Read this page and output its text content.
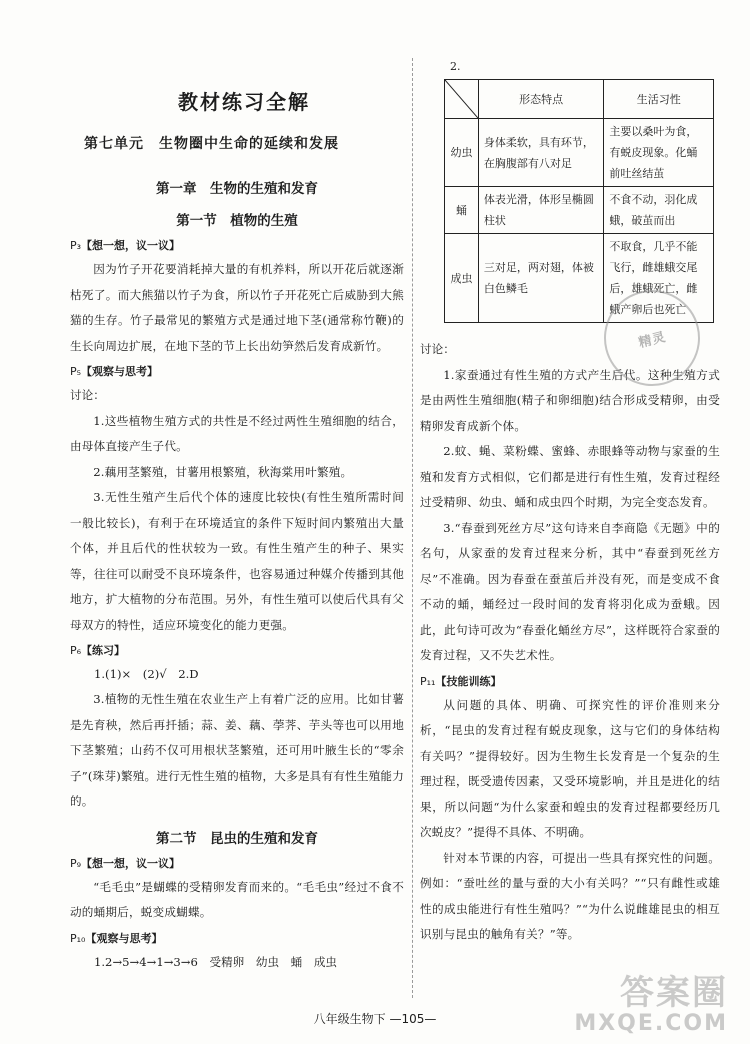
教材练习全解
第七单元　生物圈中生命的延续和发展
第一章　生物的生殖和发育
第一节　植物的生殖
P₃【想一想，议一议】

因为竹子开花要消耗掉大量的有机养料，所以开花后就逐渐枯死了。而大熊猫以竹子为食，所以竹子开花死亡后威胁到大熊猫的生存。竹子最常见的繁殖方式是通过地下茎(通常称竹鞭)的生长向周边扩展，在地下茎的节上长出幼笋然后发育成新竹。

P₅【观察与思考】

讨论：

1.这些植物生殖方式的共性是不经过两性生殖细胞的结合，由母体直接产生子代。

2.藕用茎繁殖，甘薯用根繁殖，秋海棠用叶繁殖。

3.无性生殖产生后代个体的速度比较快(有性生殖所需时间一般比较长)，有利于在环境适宜的条件下短时间内繁殖出大量个体，并且后代的性状较为一致。有性生殖产生的种子、果实等，往往可以耐受不良环境条件，也容易通过种媒介传播到其他地方，扩大植物的分布范围。另外，有性生殖可以使后代具有父母双方的特性，适应环境变化的能力更强。

P₆【练习】
1.(1)×　(2)√　2.D

3.植物的无性生殖在农业生产上有着广泛的应用。比如甘薯是先育秧，然后再扦插；蒜、姜、藕、荸荠、芋头等也可以用地下茎繁殖；山药不仅可用根状茎繁殖，还可用叶腋生长的“零余子”(珠芽)繁殖。进行无性生殖的植物，大多是具有有性生殖能力的。

第二节　昆虫的生殖和发育
P₉【想一想，议一议】

“毛毛虫”是蝴蝶的受精卵发育而来的。“毛毛虫”经过不食不动的蛹期后，蜕变成蝴蝶。

P₁₀【观察与思考】
1.2→5→4→1→3→6　受精卵　幼虫　蛹　成虫
2.
	形态特点	生活习性
幼虫	身体柔软，具有环节，在胸腹部有八对足	主要以桑叶为食，有蜕皮现象。化蛹前吐丝结茧
蛹	体表光滑，体形呈椭圆柱状	不食不动，羽化成蛾，破茧而出
成虫	三对足，两对翅，体被白色鳞毛	不取食，几乎不能飞行，雌雄蛾交尾后，雄蛾死亡，雌蛾产卵后也死亡

讨论：

1.家蚕通过有性生殖的方式产生后代。这种生殖方式是由两性生殖细胞(精子和卵细胞)结合形成受精卵，由受精卵发育成新个体。

2.蚊、蝇、菜粉蝶、蜜蜂、赤眼蜂等动物与家蚕的生殖和发育方式相似，它们都是进行有性生殖，发育过程经过受精卵、幼虫、蛹和成虫四个时期，为完全变态发育。

3.“春蚕到死丝方尽”这句诗来自李商隐《无题》中的名句，从家蚕的发育过程来分析，其中“春蚕到死丝方尽”不准确。因为春蚕在蚕茧后并没有死，而是变成不食不动的蛹，蛹经过一段时间的发育将羽化成为蚕蛾。因此，此句诗可改为“春蚕化蛹丝方尽”，这样既符合家蚕的发育过程，又不失艺术性。

P₁₁【技能训练】

从问题的具体、明确、可探究性的评价准则来分析，“昆虫的发育过程有蜕皮现象，这与它们的身体结构有关吗？”提得较好。因为生物生长发育是一个复杂的生理过程，既受遗传因素，又受环境影响，并且是进化的结果，所以问题“为什么家蚕和蝗虫的发育过程都要经历几次蜕皮？”提得不具体、不明确。

针对本节课的内容，可提出一些具有探究性的问题。例如：“蚕吐丝的量与蚕的大小有关吗？”“只有雌性或雄性的成虫能进行有性生殖吗？”“为什么说雌雄昆虫的相互识别与昆虫的触角有关？”等。

精灵
八年级生物下 —105—
答案圈
MXQE.COM
